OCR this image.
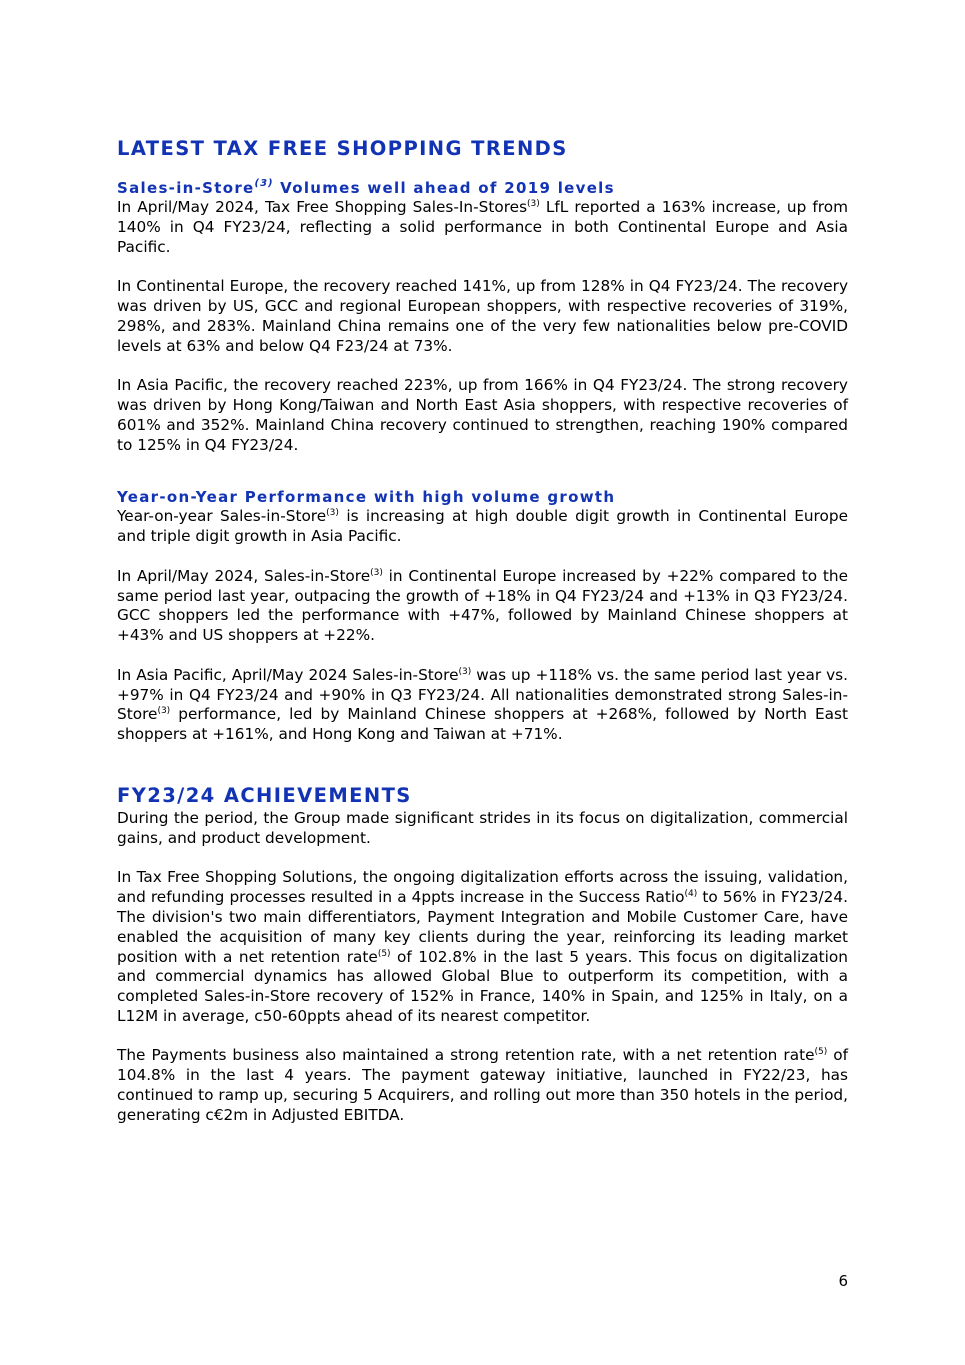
LATEST TAX FREE SHOPPING TRENDS
Sales-in-Store$^{(3)}$ Volumes well ahead of 2019 levels

In April/May 2024, Tax Free Shopping Sales-In-Stores$^{(3)}$ LfL reported a 163% increase, up from 140% in Q4 FY23/24, reflecting a solid performance in both Continental Europe and Asia Pacific.

In Continental Europe, the recovery reached 141%, up from 128% in Q4 FY23/24. The recovery was driven by US, GCC and regional European shoppers, with respective recoveries of 319%, 298%, and 283%. Mainland China remains one of the very few nationalities below pre-COVID levels at 63% and below Q4 F23/24 at 73%.

In Asia Pacific, the recovery reached 223%, up from 166% in Q4 FY23/24. The strong recovery was driven by Hong Kong/Taiwan and North East Asia shoppers, with respective recoveries of 601% and 352%. Mainland China recovery continued to strengthen, reaching 190% compared to 125% in Q4 FY23/24.

Year-on-Year Performance with high volume growth

Year-on-year Sales-in-Store$^{(3)}$ is increasing at high double digit growth in Continental Europe and triple digit growth in Asia Pacific.

In April/May 2024, Sales-in-Store$^{(3)}$ in Continental Europe increased by +22% compared to the same period last year, outpacing the growth of +18% in Q4 FY23/24 and +13% in Q3 FY23/24. GCC shoppers led the performance with +47%, followed by Mainland Chinese shoppers at +43% and US shoppers at +22%.

In Asia Pacific, April/May 2024 Sales-in-Store$^{(3)}$ was up +118% vs. the same period last year vs. +97% in Q4 FY23/24 and +90% in Q3 FY23/24. All nationalities demonstrated strong Sales-in-Store$^{(3)}$ performance, led by Mainland Chinese shoppers at +268%, followed by North East shoppers at +161%, and Hong Kong and Taiwan at +71%.

FY23/24 ACHIEVEMENTS

During the period, the Group made significant strides in its focus on digitalization, commercial gains, and product development.

In Tax Free Shopping Solutions, the ongoing digitalization efforts across the issuing, validation, and refunding processes resulted in a 4ppts increase in the Success Ratio$^{(4)}$ to 56% in FY23/24. The division's two main differentiators, Payment Integration and Mobile Customer Care, have enabled the acquisition of many key clients during the year, reinforcing its leading market position with a net retention rate$^{(5)}$ of 102.8% in the last 5 years. This focus on digitalization and commercial dynamics has allowed Global Blue to outperform its competition, with a completed Sales-in-Store recovery of 152% in France, 140% in Spain, and 125% in Italy, on a L12M in average, c50-60ppts ahead of its nearest competitor.

The Payments business also maintained a strong retention rate, with a net retention rate$^{(5)}$ of 104.8% in the last 4 years. The payment gateway initiative, launched in FY22/23, has continued to ramp up, securing 5 Acquirers, and rolling out more than 350 hotels in the period, generating c€2m in Adjusted EBITDA.

6
